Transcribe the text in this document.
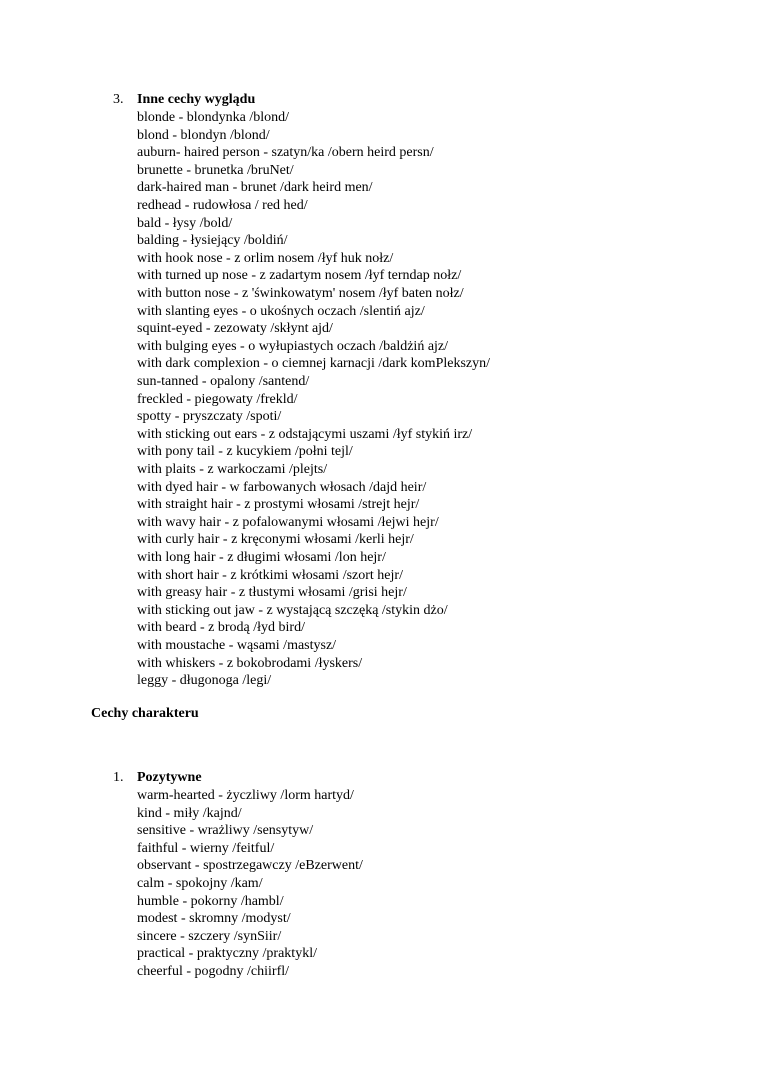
3. Inne cechy wyglądu
blonde - blondynka /blond/
blond - blondyn /blond/
auburn- haired person - szatyn/ka /obern heird persn/
brunette - brunetka /bruNet/
dark-haired man - brunet /dark heird men/
redhead - rudowłosa / red hed/
bald - łysy /bold/
balding - łysiejący /boldiń/
with hook nose - z orlim nosem /łyf huk nołz/
with turned up nose - z zadartym nosem /łyf terndap nołz/
with button nose - z 'świnkowatym' nosem /łyf baten nołz/
with slanting eyes - o ukośnych oczach /slentiń ajz/
squint-eyed - zezowaty /skłynt ajd/
with bulging eyes - o wyłupiastych oczach /baldżiń ajz/
with dark complexion - o ciemnej karnacji /dark komPlekszyn/
sun-tanned - opalony /santend/
freckled - piegowaty /frekld/
spotty - pryszczaty /spoti/
with sticking out ears - z odstającymi uszami /łyf stykiń irz/
with pony tail - z kucykiem /połni tejl/
with plaits - z warkoczami /plejts/
with dyed hair - w farbowanych włosach /dajd heir/
with straight hair - z prostymi włosami /strejt hejr/
with wavy hair - z pofalowanymi włosami /łejwi hejr/
with curly hair - z kręconymi włosami /kerli hejr/
with long hair - z długimi włosami /lon hejr/
with short hair - z krótkimi włosami /szort hejr/
with greasy hair - z tłustymi włosami /grisi hejr/
with sticking out jaw - z wystającą szczęką /stykin dżo/
with beard - z brodą /łyd bird/
with moustache - wąsami /mastysz/
with whiskers - z bokobrodami /łyskers/
leggy - długonoga /legi/
Cechy charakteru
1. Pozytywne
warm-hearted - życzliwy /lorm hartyd/
kind - miły /kajnd/
sensitive - wrażliwy /sensytyw/
faithful - wierny /feitful/
observant - spostrzegawczy /eBzerwent/
calm - spokojny /kam/
humble - pokorny /hambl/
modest - skromny /modyst/
sincere - szczery /synSiir/
practical - praktyczny /praktykl/
cheerful - pogodny /chiirfl/
